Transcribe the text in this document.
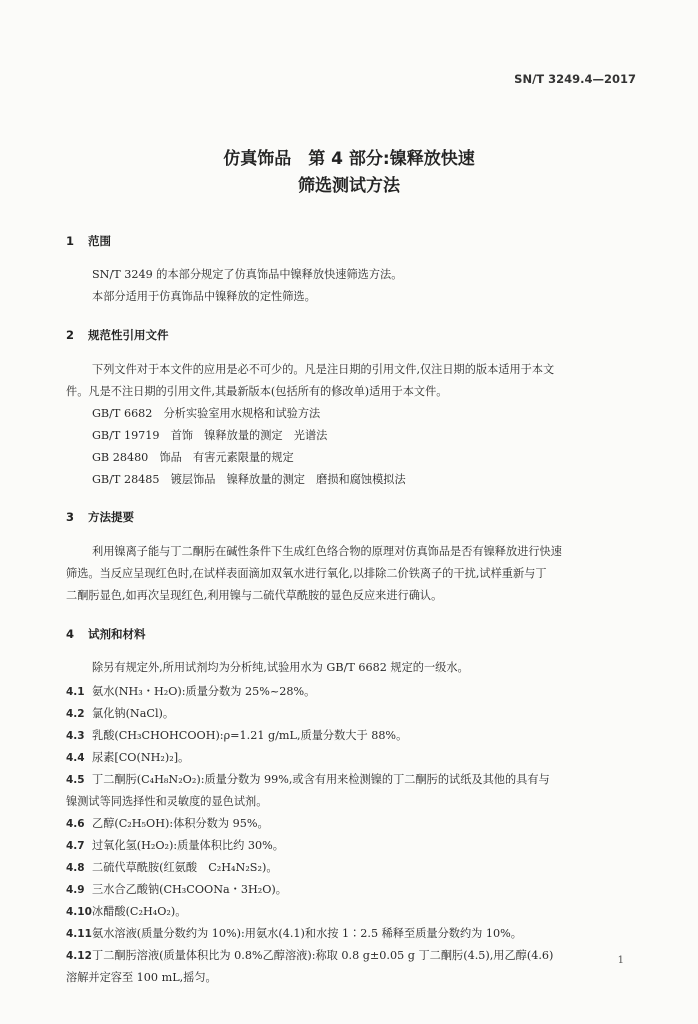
SN/T 3249.4—2017
仿真饰品　第 4 部分:镍释放快速
筛选测试方法
1 范围
SN/T 3249 的本部分规定了仿真饰品中镍释放快速筛选方法。
本部分适用于仿真饰品中镍释放的定性筛选。
2 规范性引用文件
下列文件对于本文件的应用是必不可少的。凡是注日期的引用文件,仅注日期的版本适用于本文
件。凡是不注日期的引用文件,其最新版本(包括所有的修改单)适用于本文件。
GB/T 6682　分析实验室用水规格和试验方法
GB/T 19719　首饰　镍释放量的测定　光谱法
GB 28480　饰品　有害元素限量的规定
GB/T 28485　镀层饰品　镍释放量的测定　磨损和腐蚀模拟法
3 方法提要
利用镍离子能与丁二酮肟在碱性条件下生成红色络合物的原理对仿真饰品是否有镍释放进行快速
筛选。当反应呈现红色时,在试样表面滴加双氧水进行氧化,以排除二价铁离子的干扰,试样重新与丁
二酮肟显色,如再次呈现红色,利用镍与二硫代草酰胺的显色反应来进行确认。
4 试剂和材料
除另有规定外,所用试剂均为分析纯,试验用水为 GB/T 6682 规定的一级水。
4.1 氨水(NH₃・H₂O):质量分数为 25%~28%。
4.2 氯化钠(NaCl)。
4.3 乳酸(CH₃CHOHCOOH):ρ=1.21 g/mL,质量分数大于 88%。
4.4 尿素[CO(NH₂)₂]。
4.5 丁二酮肟(C₄H₈N₂O₂):质量分数为 99%,或含有用来检测镍的丁二酮肟的试纸及其他的具有与
镍测试等同选择性和灵敏度的显色试剂。
4.6 乙醇(C₂H₅OH):体积分数为 95%。
4.7 过氧化氢(H₂O₂):质量体积比约 30%。
4.8 二硫代草酰胺(红氨酸　C₂H₄N₂S₂)。
4.9 三水合乙酸钠(CH₃COONa・3H₂O)。
4.10冰醋酸(C₂H₄O₂)。
4.11氨水溶液(质量分数约为 10%):用氨水(4.1)和水按 1∶2.5 稀释至质量分数约为 10%。
4.12丁二酮肟溶液(质量体积比为 0.8%乙醇溶液):称取 0.8 g±0.05 g 丁二酮肟(4.5),用乙醇(4.6)
溶解并定容至 100 mL,摇匀。
1
